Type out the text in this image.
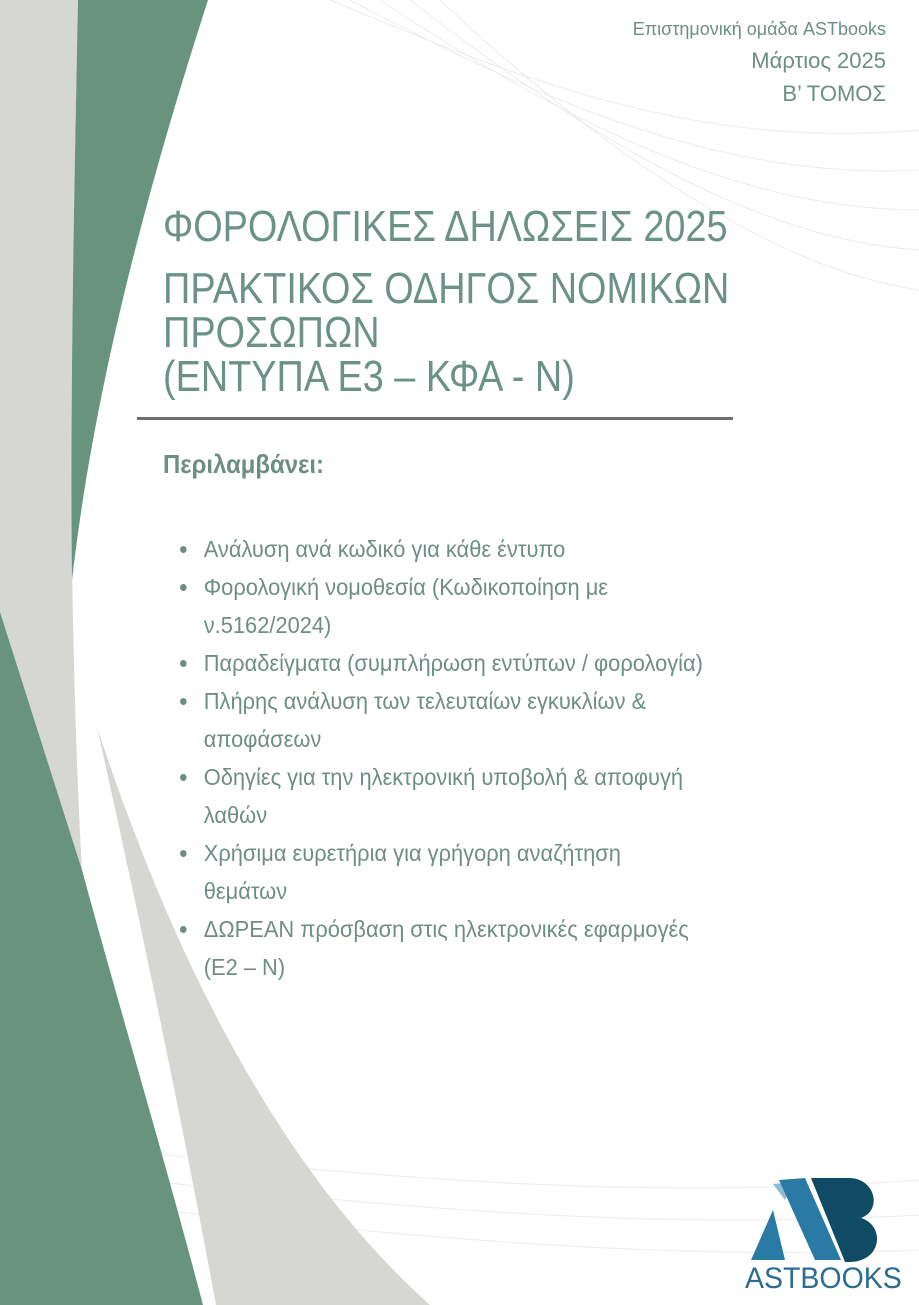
Επιστημονική ομάδα ASTbooks
Μάρτιος 2025
Β’ ΤΟΜΟΣ
ΦΟΡΟΛΟΓΙΚΕΣ ΔΗΛΩΣΕΙΣ 2025
ΠΡΑΚΤΙΚΟΣ ΟΔΗΓΟΣ ΝΟΜΙΚΩΝ
ΠΡΟΣΩΠΩΝ
(ΕΝΤΥΠΑ Ε3 – ΚΦΑ - Ν)
Περιλαμβάνει:
Ανάλυση ανά κωδικό για κάθε έντυπο
Φορολογική νομοθεσία (Κωδικοποίηση με
ν.5162/2024)
Παραδείγματα (συμπλήρωση εντύπων / φορολογία)
Πλήρης ανάλυση των τελευταίων εγκυκλίων &
αποφάσεων
Οδηγίες για την ηλεκτρονική υποβολή & αποφυγή
λαθών
Χρήσιμα ευρετήρια για γρήγορη αναζήτηση
θεμάτων
ΔΩΡΕΑΝ πρόσβαση στις ηλεκτρονικές εφαρμογές
(Ε2 – Ν)
ASTBOOKS
